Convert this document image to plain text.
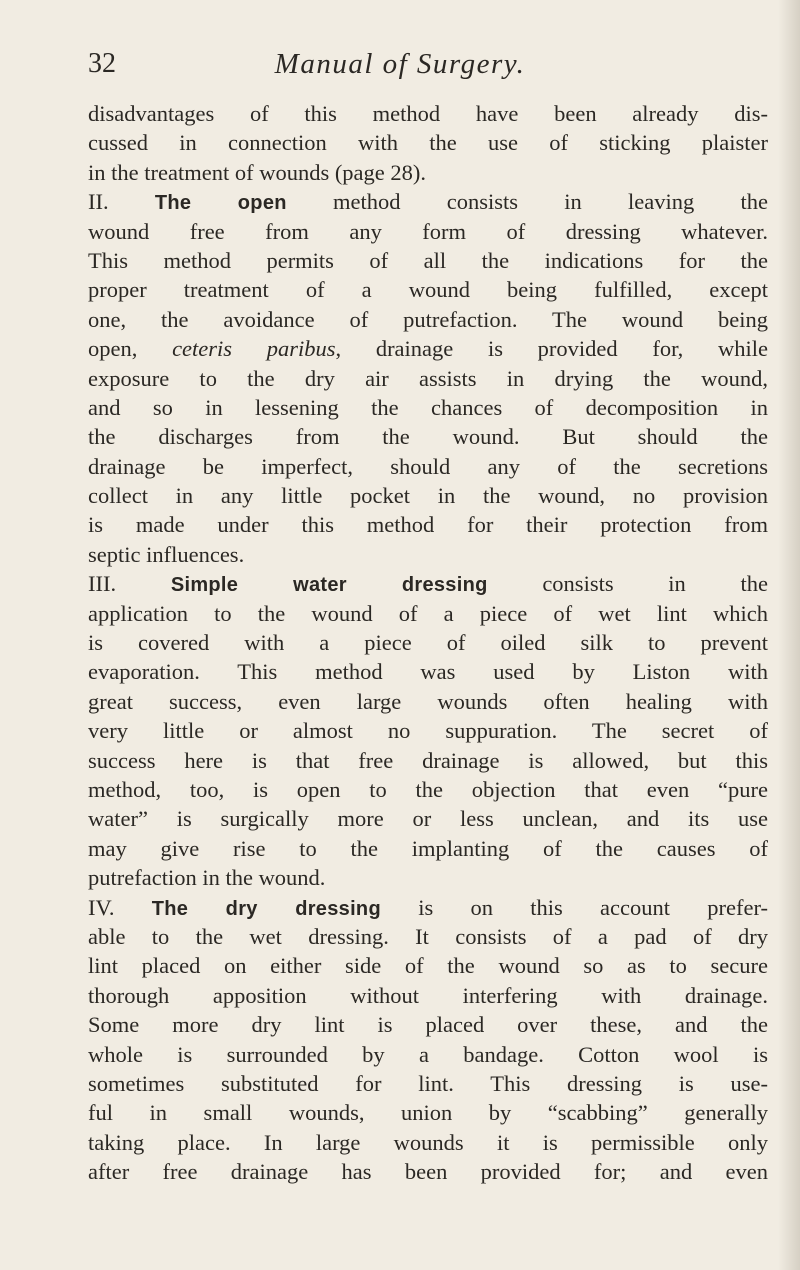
32	Manual of Surgery.
disadvantages of this method have been already dis-
cussed in connection with the use of sticking plaister
in the treatment of wounds (page 28).
II. The open method consists in leaving the
wound free from any form of dressing whatever.
This method permits of all the indications for the
proper treatment of a wound being fulfilled, except
one, the avoidance of putrefaction. The wound being
open, ceteris paribus, drainage is provided for, while
exposure to the dry air assists in drying the wound,
and so in lessening the chances of decomposition in
the discharges from the wound. But should the
drainage be imperfect, should any of the secretions
collect in any little pocket in the wound, no provision
is made under this method for their protection from
septic influences.
III. Simple water dressing consists in the
application to the wound of a piece of wet lint which
is covered with a piece of oiled silk to prevent
evaporation. This method was used by Liston with
great success, even large wounds often healing with
very little or almost no suppuration. The secret of
success here is that free drainage is allowed, but this
method, too, is open to the objection that even “pure
water” is surgically more or less unclean, and its use
may give rise to the implanting of the causes of
putrefaction in the wound.
IV. The dry dressing is on this account prefer-
able to the wet dressing. It consists of a pad of dry
lint placed on either side of the wound so as to secure
thorough apposition without interfering with drainage.
Some more dry lint is placed over these, and the
whole is surrounded by a bandage. Cotton wool is
sometimes substituted for lint. This dressing is use-
ful in small wounds, union by “scabbing” generally
taking place. In large wounds it is permissible only
after free drainage has been provided for; and even
